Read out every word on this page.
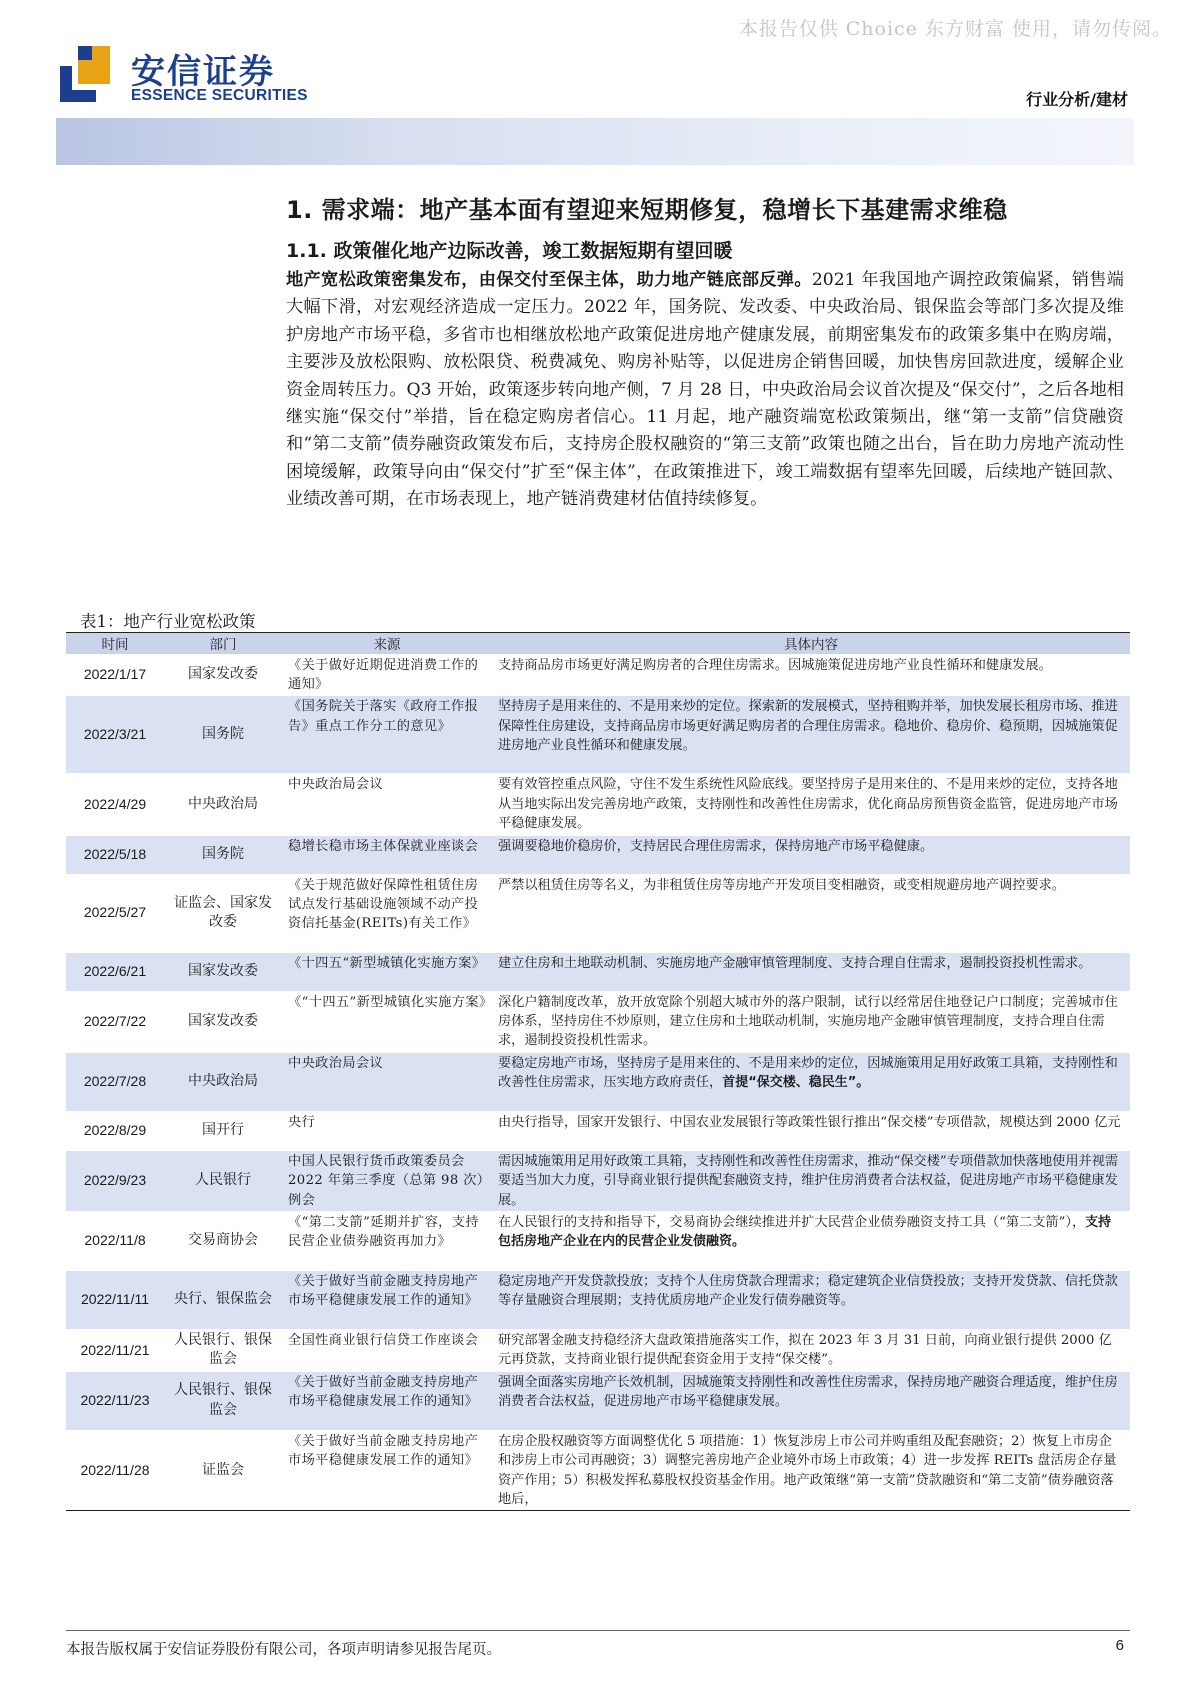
本报告仅供 Choice 东方财富 使用，请勿传阅。
安信证券
ESSENCE SECURITIES	行业分析/建材
1. 需求端：地产基本面有望迎来短期修复，稳增长下基建需求维稳
1.1. 政策催化地产边际改善，竣工数据短期有望回暖
地产宽松政策密集发布，由保交付至保主体，助力地产链底部反弹。2021 年我国地产调控政策偏紧，销售端大幅下滑，对宏观经济造成一定压力。2022 年，国务院、发改委、中央政治局、银保监会等部门多次提及维护房地产市场平稳，多省市也相继放松地产政策促进房地产健康发展，前期密集发布的政策多集中在购房端，主要涉及放松限购、放松限贷、税费减免、购房补贴等，以促进房企销售回暖，加快售房回款进度，缓解企业资金周转压力。Q3 开始，政策逐步转向地产侧，7 月 28 日，中央政治局会议首次提及“保交付”，之后各地相继实施“保交付”举措，旨在稳定购房者信心。11 月起，地产融资端宽松政策频出，继“第一支箭”信贷融资和“第二支箭”债券融资政策发布后，支持房企股权融资的“第三支箭”政策也随之出台，旨在助力房地产流动性困境缓解，政策导向由“保交付”扩至“保主体”，在政策推进下，竣工端数据有望率先回暖，后续地产链回款、业绩改善可期，在市场表现上，地产链消费建材估值持续修复。
表1：地产行业宽松政策
时间	部门	来源	具体内容
2022/1/17	国家发改委	《关于做好近期促进消费工作的通知》	支持商品房市场更好满足购房者的合理住房需求。因城施策促进房地产业良性循环和健康发展。
2022/3/21	国务院	《国务院关于落实《政府工作报告》重点工作分工的意见》	坚持房子是用来住的、不是用来炒的定位。探索新的发展模式，坚持租购并举，加快发展长租房市场、推进保障性住房建设，支持商品房市场更好满足购房者的合理住房需求。稳地价、稳房价、稳预期，因城施策促进房地产业良性循环和健康发展。
2022/4/29	中央政治局	中央政治局会议	要有效管控重点风险，守住不发生系统性风险底线。要坚持房子是用来住的、不是用来炒的定位，支持各地从当地实际出发完善房地产政策，支持刚性和改善性住房需求，优化商品房预售资金监管，促进房地产市场平稳健康发展。
2022/5/18	国务院	稳增长稳市场主体保就业座谈会	强调要稳地价稳房价，支持居民合理住房需求，保持房地产市场平稳健康。
2022/5/27	证监会、国家发改委	《关于规范做好保障性租赁住房试点发行基础设施领域不动产投资信托基金(REITs)有关工作》	严禁以租赁住房等名义，为非租赁住房等房地产开发项目变相融资，或变相规避房地产调控要求。
2022/6/21	国家发改委	《十四五“新型城镇化实施方案》	建立住房和土地联动机制、实施房地产金融审慎管理制度、支持合理自住需求，遏制投资投机性需求。
2022/7/22	国家发改委	《“十四五”新型城镇化实施方案》	深化户籍制度改革，放开放宽除个别超大城市外的落户限制，试行以经常居住地登记户口制度；完善城市住房体系，坚持房住不炒原则，建立住房和土地联动机制，实施房地产金融审慎管理制度，支持合理自住需求，遏制投资投机性需求。
2022/7/28	中央政治局	中央政治局会议	要稳定房地产市场，坚持房子是用来住的、不是用来炒的定位，因城施策用足用好政策工具箱，支持刚性和改善性住房需求，压实地方政府责任，首提“保交楼、稳民生”。
2022/8/29	国开行	央行	由央行指导，国家开发银行、中国农业发展银行等政策性银行推出“保交楼”专项借款，规模达到 2000 亿元
2022/9/23	人民银行	中国人民银行货币政策委员会 2022 年第三季度（总第 98 次）例会	需因城施策用足用好政策工具箱，支持刚性和改善性住房需求，推动“保交楼”专项借款加快落地使用并视需要适当加大力度，引导商业银行提供配套融资支持，维护住房消费者合法权益，促进房地产市场平稳健康发展。
2022/11/8	交易商协会	《“第二支箭”延期并扩容，支持民营企业债券融资再加力》	在人民银行的支持和指导下，交易商协会继续推进并扩大民营企业债券融资支持工具（“第二支箭”），支持包括房地产企业在内的民营企业发债融资。
2022/11/11	央行、银保监会	《关于做好当前金融支持房地产市场平稳健康发展工作的通知》	稳定房地产开发贷款投放；支持个人住房贷款合理需求；稳定建筑企业信贷投放；支持开发贷款、信托贷款等存量融资合理展期；支持优质房地产企业发行债券融资等。
2022/11/21	人民银行、银保监会	全国性商业银行信贷工作座谈会	研究部署金融支持稳经济大盘政策措施落实工作，拟在 2023 年 3 月 31 日前，向商业银行提供 2000 亿元再贷款，支持商业银行提供配套资金用于支持“保交楼”。
2022/11/23	人民银行、银保监会	《关于做好当前金融支持房地产市场平稳健康发展工作的通知》	强调全面落实房地产长效机制，因城施策支持刚性和改善性住房需求，保持房地产融资合理适度，维护住房消费者合法权益，促进房地产市场平稳健康发展。
2022/11/28	证监会	《关于做好当前金融支持房地产市场平稳健康发展工作的通知》	在房企股权融资等方面调整优化 5 项措施：1）恢复涉房上市公司并购重组及配套融资；2）恢复上市房企和涉房上市公司再融资；3）调整完善房地产企业境外市场上市政策；4）进一步发挥 REITs 盘活房企存量资产作用；5）积极发挥私募股权投资基金作用。地产政策继“第一支箭”贷款融资和“第二支箭”债券融资落地后，
本报告版权属于安信证券股份有限公司，各项声明请参见报告尾页。	6
